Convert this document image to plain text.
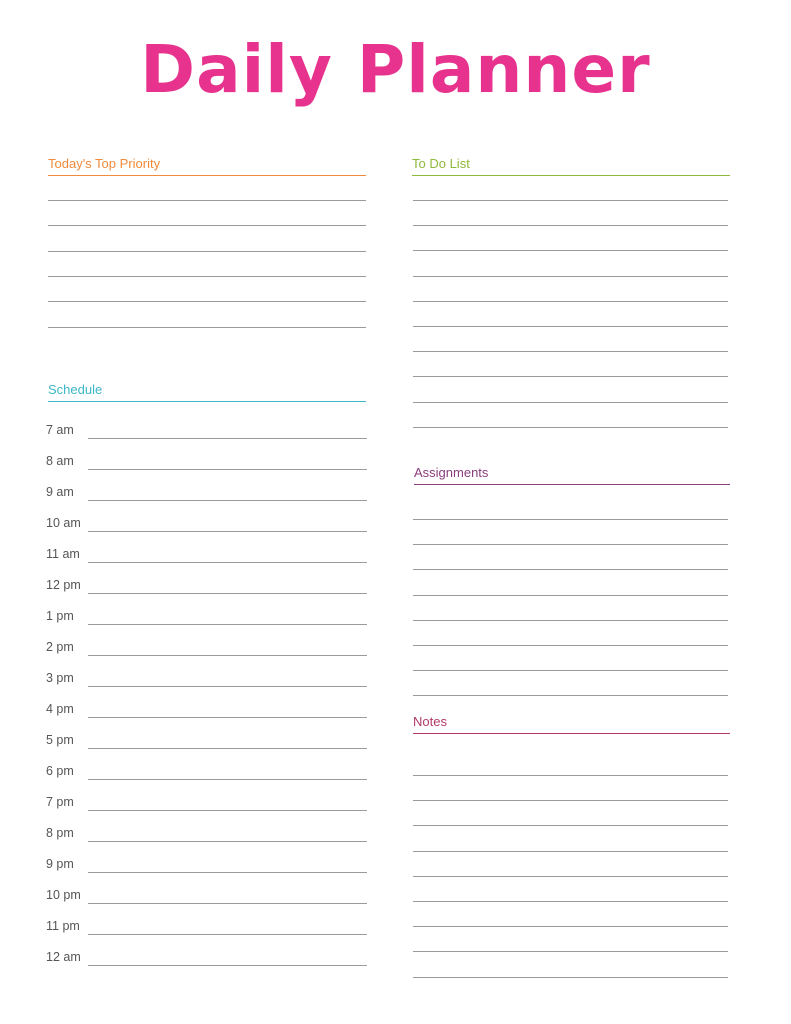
Daily Planner
Today's Top Priority
Schedule
7 am
8 am
9 am
10 am
11 am
12 pm
1 pm
2 pm
3 pm
4 pm
5 pm
6 pm
7 pm
8 pm
9 pm
10 pm
11 pm
12 am
To Do List
Assignments
Notes
